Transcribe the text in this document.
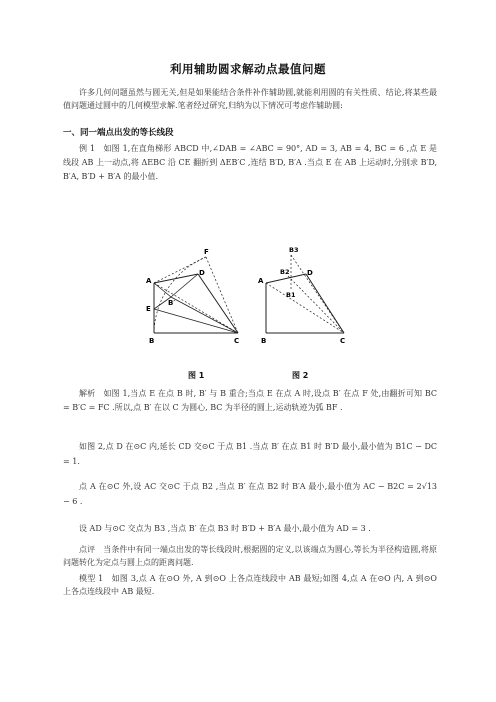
利用辅助圆求解动点最值问题

许多几何问题虽然与圆无关,但是如果能结合条件补作辅助圆,就能利用圆的有关性质、结论,将某些最值问题通过圆中的几何模型求解.笔者经过研究,归纳为以下情况可考虑作辅助圆:

一、同一端点出发的等长线段

例 1　如图 1,在直角梯形 ABCD 中,∠DAB = ∠ABC = 90°, AD = 3, AB = 4, BC = 6 ,点 E 是线段 AB 上一动点,将 ΔEBC 沿 CE 翻折到 ΔEB′C ,连结 B′D, B′A .当点 E 在 AB 上运动时,分别求 B′D, B′A, B′D + B′A 的最小值.

F
A
D
E
B′
B	C
图 1
B3
A
B2	D
B1
B	C
图 2

解析　如图 1,当点 E 在点 B 时, B′ 与 B 重合;当点 E 在点 A 时,设点 B′ 在点 F 处,由翻折可知 BC = B′C = FC .所以,点 B′ 在以 C 为圆心, BC 为半径的圆上,运动轨迹为弧 BF .

如图 2,点 D 在⊙C 内,延长 CD 交⊙C 于点 B1 .当点 B′ 在点 B1 时 B′D 最小,最小值为 B1C − DC = 1.

点 A 在⊙C 外,设 AC 交⊙C 于点 B2 ,当点 B′ 在点 B2 时 B′A 最小,最小值为 AC − B2C = 2√13 − 6 .

设 AD 与⊙C 交点为 B3 ,当点 B′ 在点 B3 时 B′D + B′A 最小,最小值为 AD = 3 .

点评　当条件中有同一端点出发的等长线段时,根据圆的定义,以该端点为圆心,等长为半径构造圆,将原问题转化为定点与圆上点的距离问题.

模型 1　如图 3,点 A 在⊙O 外, A 到⊙O 上各点连线段中 AB 最短;如图 4,点 A 在⊙O 内, A 到⊙O 上各点连线段中 AB 最短.
